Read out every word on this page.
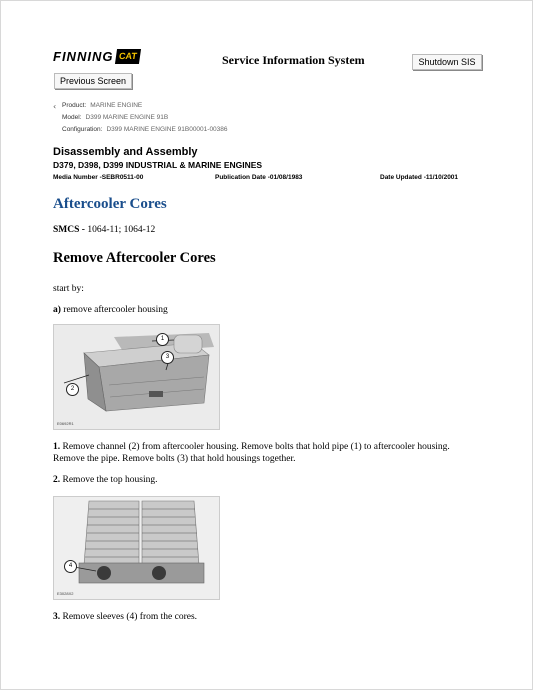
FINNING CAT	Service Information System	Shutdown SIS
Previous Screen
‹ Product: MARINE ENGINE
Model: D399 MARINE ENGINE 91B
Configuration: D399 MARINE ENGINE 91B00001-00386
Disassembly and Assembly
D379, D398, D399 INDUSTRIAL & MARINE ENGINES
Media Number -SEBR0511-00	Publication Date -01/08/1983	Date Updated -11/10/2001
Aftercooler Cores
SMCS - 1064-11; 1064-12
Remove Aftercooler Cores
start by:
a) remove aftercooler housing
E0692R1
1
3
2
1. Remove channel (2) from aftercooler housing. Remove bolts that hold pipe (1) to aftercooler housing. Remove the pipe. Remove bolts (3) that hold housings together.
2. Remove the top housing.
E3028X2
4
3. Remove sleeves (4) from the cores.
